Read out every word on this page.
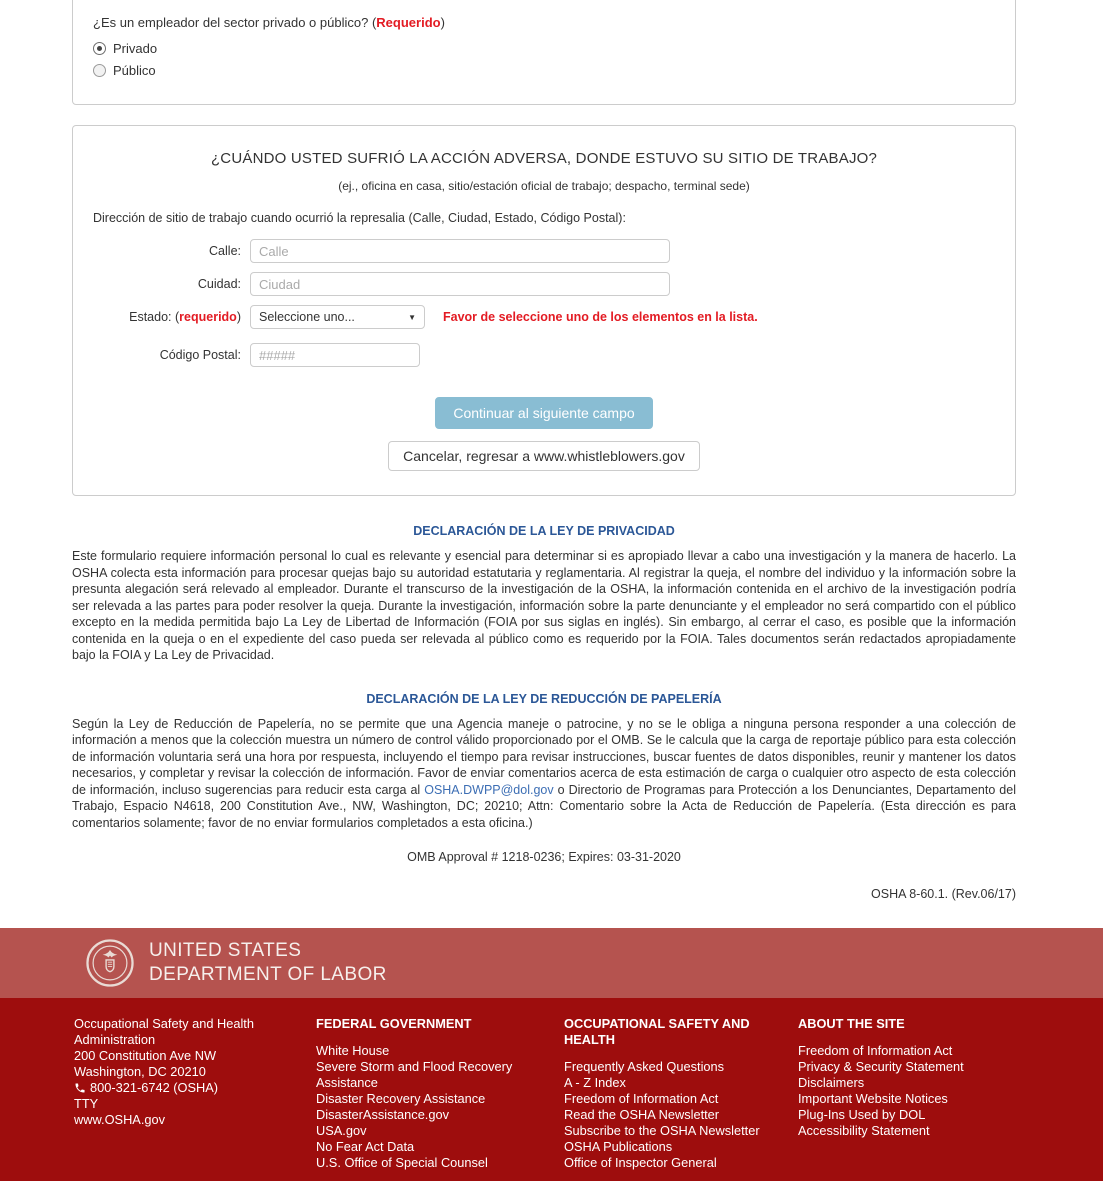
¿Es un empleador del sector privado o público? (Requerido)
Privado
Público
¿CUÁNDO USTED SUFRIÓ LA ACCIÓN ADVERSA, DONDE ESTUVO SU SITIO DE TRABAJO?

(ej., oficina en casa, sitio/estación oficial de trabajo; despacho, terminal sede)

Dirección de sitio de trabajo cuando ocurrió la represalia (Calle, Ciudad, Estado, Código Postal):

Calle:
Calle
Cuidad:
Ciudad
Estado: (requerido) Seleccione uno...	▼ Favor de seleccione uno de los elementos en la lista.
Código Postal:
#####
Continuar al siguiente campo
Cancelar, regresar a www.whistleblowers.gov
DECLARACIÓN DE LA LEY DE PRIVACIDAD

Este formulario requiere información personal lo cual es relevante y esencial para determinar si es apropiado llevar a cabo una investigación y la manera de hacerlo. La OSHA colecta esta información para procesar quejas bajo su autoridad estatutaria y reglamentaria. Al registrar la queja, el nombre del individuo y la información sobre la presunta alegación será relevado al empleador. Durante el transcurso de la investigación de la OSHA, la información contenida en el archivo de la investigación podría ser relevada a las partes para poder resolver la queja. Durante la investigación, información sobre la parte denunciante y el empleador no será compartido con el público excepto en la medida permitida bajo La Ley de Libertad de Información (FOIA por sus siglas en inglés). Sin embargo, al cerrar el caso, es posible que la información contenida en la queja o en el expediente del caso pueda ser relevada al público como es requerido por la FOIA. Tales documentos serán redactados apropiadamente bajo la FOIA y La Ley de Privacidad.

DECLARACIÓN DE LA LEY DE REDUCCIÓN DE PAPELERÍA

Según la Ley de Reducción de Papelería, no se permite que una Agencia maneje o patrocine, y no se le obliga a ninguna persona responder a una colección de información a menos que la colección muestra un número de control válido proporcionado por el OMB. Se le calcula que la carga de reportaje público para esta colección de información voluntaria será una hora por respuesta, incluyendo el tiempo para revisar instrucciones, buscar fuentes de datos disponibles, reunir y mantener los datos necesarios, y completar y revisar la colección de información. Favor de enviar comentarios acerca de esta estimación de carga o cualquier otro aspecto de esta colección de información, incluso sugerencias para reducir esta carga al OSHA.DWPP@dol.gov o Directorio de Programas para Protección a los Denunciantes, Departamento del Trabajo, Espacio N4618, 200 Constitution Ave., NW, Washington, DC; 20210; Attn: Comentario sobre la Acta de Reducción de Papelería. (Esta dirección es para comentarios solamente; favor de no enviar formularios completados a esta oficina.)

OMB Approval # 1218-0236; Expires: 03-31-2020

OSHA 8-60.1. (Rev.06/17)

UNITED STATES
DEPARTMENT OF LABOR

Occupational Safety and Health Administration

200 Constitution Ave NW

Washington, DC 20210

800-321-6742 (OSHA)

TTY

www.OSHA.gov

FEDERAL GOVERNMENT

White House
Severe Storm and Flood Recovery Assistance
Disaster Recovery Assistance
DisasterAssistance.gov
USA.gov
No Fear Act Data
U.S. Office of Special Counsel

OCCUPATIONAL SAFETY AND HEALTH

Frequently Asked Questions
A - Z Index
Freedom of Information Act
Read the OSHA Newsletter
Subscribe to the OSHA Newsletter
OSHA Publications
Office of Inspector General

ABOUT THE SITE

Freedom of Information Act
Privacy & Security Statement
Disclaimers
Important Website Notices
Plug-Ins Used by DOL
Accessibility Statement
